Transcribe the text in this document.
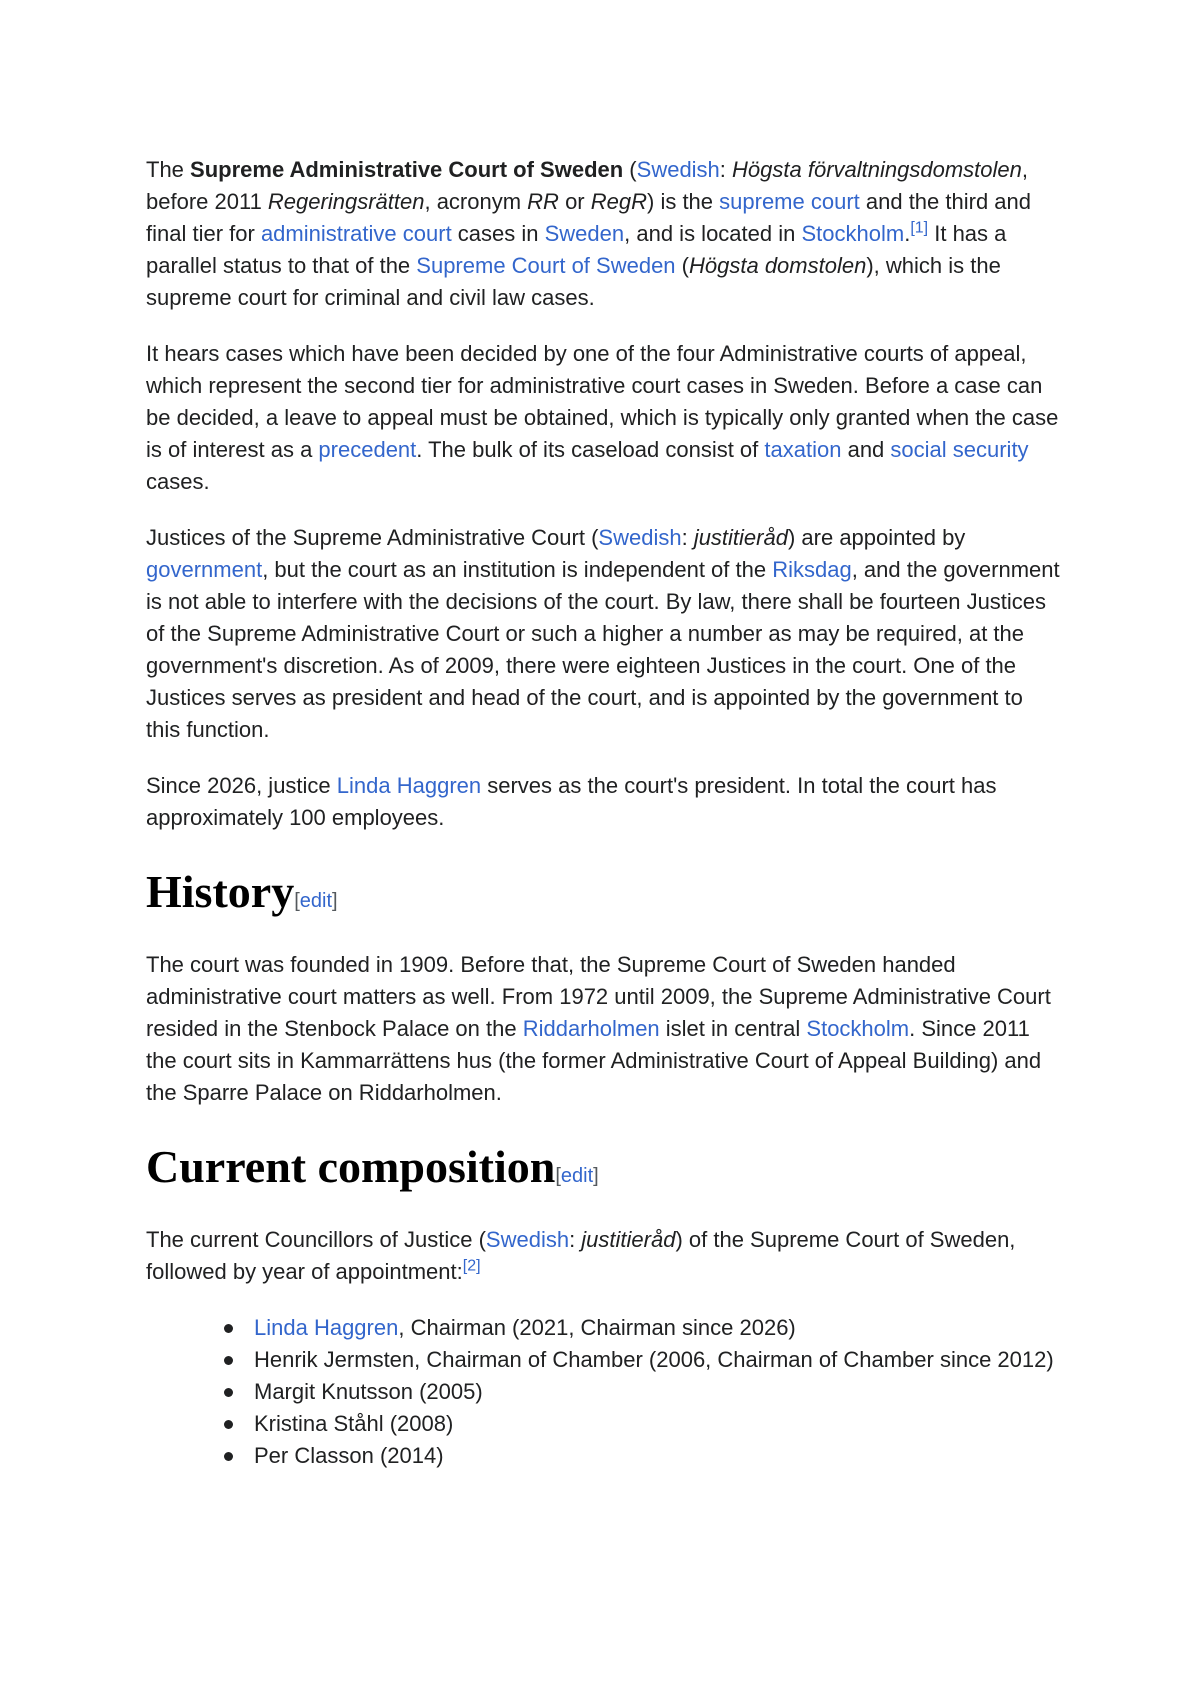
The Supreme Administrative Court of Sweden (Swedish: Högsta förvaltningsdomstolen, before 2011 Regeringsrätten, acronym RR or RegR) is the supreme court and the third and final tier for administrative court cases in Sweden, and is located in Stockholm.[1] It has a parallel status to that of the Supreme Court of Sweden (Högsta domstolen), which is the supreme court for criminal and civil law cases.

It hears cases which have been decided by one of the four Administrative courts of appeal, which represent the second tier for administrative court cases in Sweden. Before a case can be decided, a leave to appeal must be obtained, which is typically only granted when the case is of interest as a precedent. The bulk of its caseload consist of taxation and social security cases.

Justices of the Supreme Administrative Court (Swedish: justitieråd) are appointed by government, but the court as an institution is independent of the Riksdag, and the government is not able to interfere with the decisions of the court. By law, there shall be fourteen Justices of the Supreme Administrative Court or such a higher a number as may be required, at the government's discretion. As of 2009, there were eighteen Justices in the court. One of the Justices serves as president and head of the court, and is appointed by the government to this function.

Since 2026, justice Linda Haggren serves as the court's president. In total the court has approximately 100 employees.

History[edit]

The court was founded in 1909. Before that, the Supreme Court of Sweden handed administrative court matters as well. From 1972 until 2009, the Supreme Administrative Court resided in the Stenbock Palace on the Riddarholmen islet in central Stockholm. Since 2011 the court sits in Kammarrättens hus (the former Administrative Court of Appeal Building) and the Sparre Palace on Riddarholmen.

Current composition[edit]

The current Councillors of Justice (Swedish: justitieråd) of the Supreme Court of Sweden, followed by year of appointment:[2]

Linda Haggren, Chairman (2021, Chairman since 2026)
Henrik Jermsten, Chairman of Chamber (2006, Chairman of Chamber since 2012)
Margit Knutsson (2005)
Kristina Ståhl (2008)
Per Classon (2014)
